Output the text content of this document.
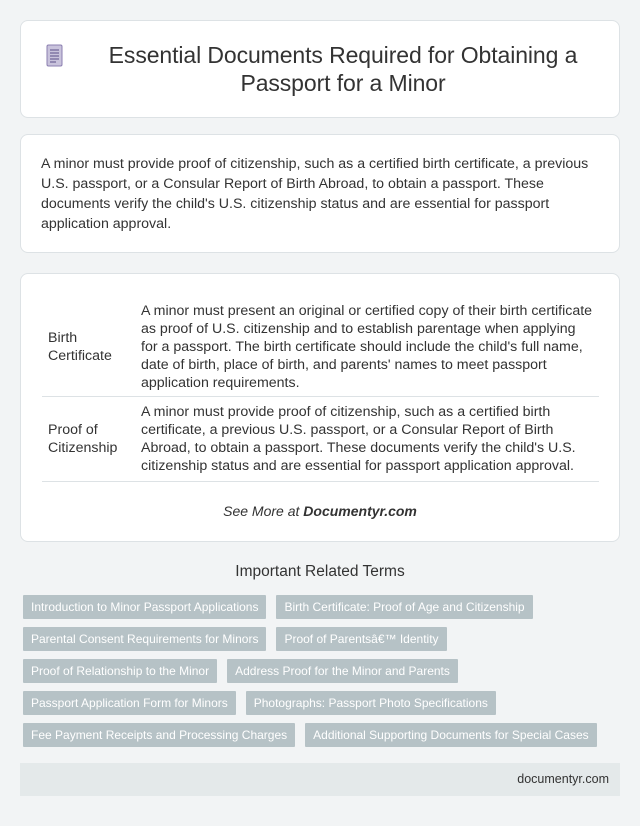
Essential Documents Required for Obtaining a Passport for a Minor

A minor must provide proof of citizenship, such as a certified birth certificate, a previous U.S. passport, or a Consular Report of Birth Abroad, to obtain a passport. These documents verify the child's U.S. citizenship status and are essential for passport application approval.

Birth Certificate	A minor must present an original or certified copy of their birth certificate as proof of U.S. citizenship and to establish parentage when applying for a passport. The birth certificate should include the child's full name, date of birth, place of birth, and parents' names to meet passport application requirements.
Proof of Citizenship	A minor must provide proof of citizenship, such as a certified birth certificate, a previous U.S. passport, or a Consular Report of Birth Abroad, to obtain a passport. These documents verify the child's U.S. citizenship status and are essential for passport application approval.
See More at Documentyr.com
Important Related Terms
Introduction to Minor Passport Applications	Birth Certificate: Proof of Age and Citizenship
Parental Consent Requirements for Minors	Proof of Parentsâ€™ Identity
Proof of Relationship to the Minor	Address Proof for the Minor and Parents
Passport Application Form for Minors	Photographs: Passport Photo Specifications
Fee Payment Receipts and Processing Charges	Additional Supporting Documents for Special Cases
documentyr.com
